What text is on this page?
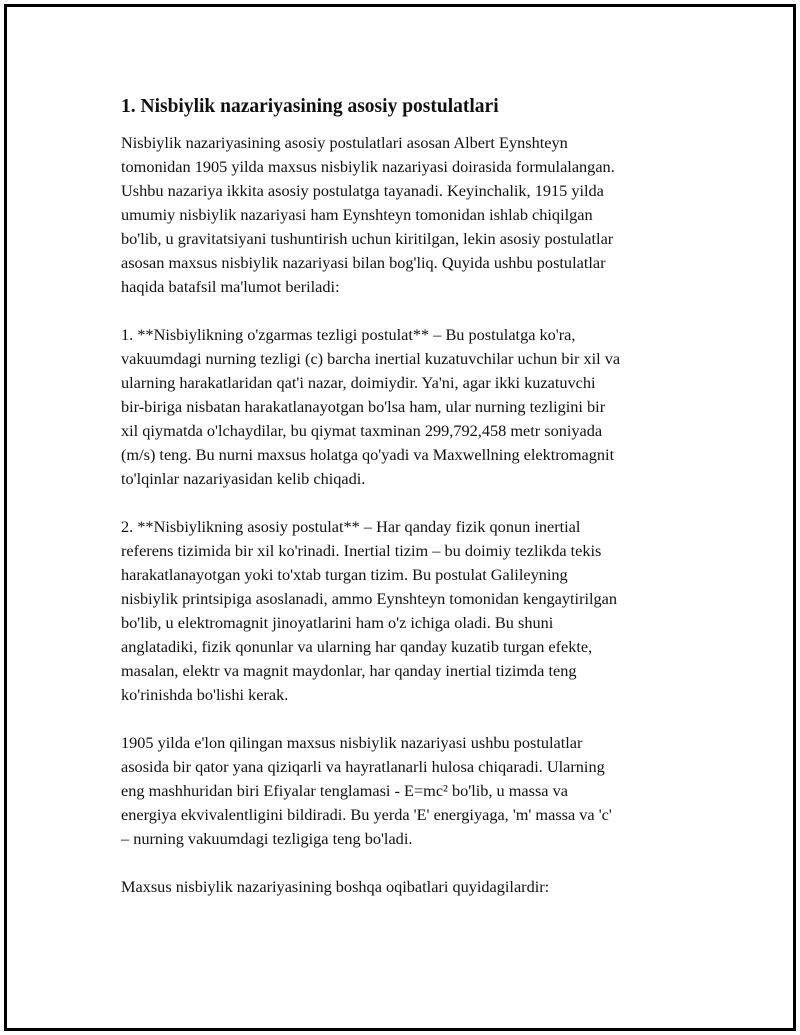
1. Nisbiylik nazariyasining asosiy postulatlari

Nisbiylik nazariyasining asosiy postulatlari asosan Albert Eynshteyn
tomonidan 1905 yilda maxsus nisbiylik nazariyasi doirasida formulalangan.
Ushbu nazariya ikkita asosiy postulatga tayanadi. Keyinchalik, 1915 yilda
umumiy nisbiylik nazariyasi ham Eynshteyn tomonidan ishlab chiqilgan
bo'lib, u gravitatsiyani tushuntirish uchun kiritilgan, lekin asosiy postulatlar
asosan maxsus nisbiylik nazariyasi bilan bog'liq. Quyida ushbu postulatlar
haqida batafsil ma'lumot beriladi:

1. **Nisbiylikning o'zgarmas tezligi postulat** – Bu postulatga ko'ra,
vakuumdagi nurning tezligi (c) barcha inertial kuzatuvchilar uchun bir xil va
ularning harakatlaridan qat'i nazar, doimiydir. Ya'ni, agar ikki kuzatuvchi
bir-biriga nisbatan harakatlanayotgan bo'lsa ham, ular nurning tezligini bir
xil qiymatda o'lchaydilar, bu qiymat taxminan 299,792,458 metr soniyada
(m/s) teng. Bu nurni maxsus holatga qo'yadi va Maxwellning elektromagnit
to'lqinlar nazariyasidan kelib chiqadi.

2. **Nisbiylikning asosiy postulat** – Har qanday fizik qonun inertial
referens tizimida bir xil ko'rinadi. Inertial tizim – bu doimiy tezlikda tekis
harakatlanayotgan yoki to'xtab turgan tizim. Bu postulat Galileyning
nisbiylik printsipiga asoslanadi, ammo Eynshteyn tomonidan kengaytirilgan
bo'lib, u elektromagnit jinoyatlarini ham o'z ichiga oladi. Bu shuni
anglatadiki, fizik qonunlar va ularning har qanday kuzatib turgan efekte,
masalan, elektr va magnit maydonlar, har qanday inertial tizimda teng
ko'rinishda bo'lishi kerak.

1905 yilda e'lon qilingan maxsus nisbiylik nazariyasi ushbu postulatlar
asosida bir qator yana qiziqarli va hayratlanarli hulosa chiqaradi. Ularning
eng mashhuridan biri Efiyalar tenglamasi - E=mc² bo'lib, u massa va
energiya ekvivalentligini bildiradi. Bu yerda 'E' energiyaga, 'm' massa va 'c'
– nurning vakuumdagi tezligiga teng bo'ladi.

Maxsus nisbiylik nazariyasining boshqa oqibatlari quyidagilardir:
